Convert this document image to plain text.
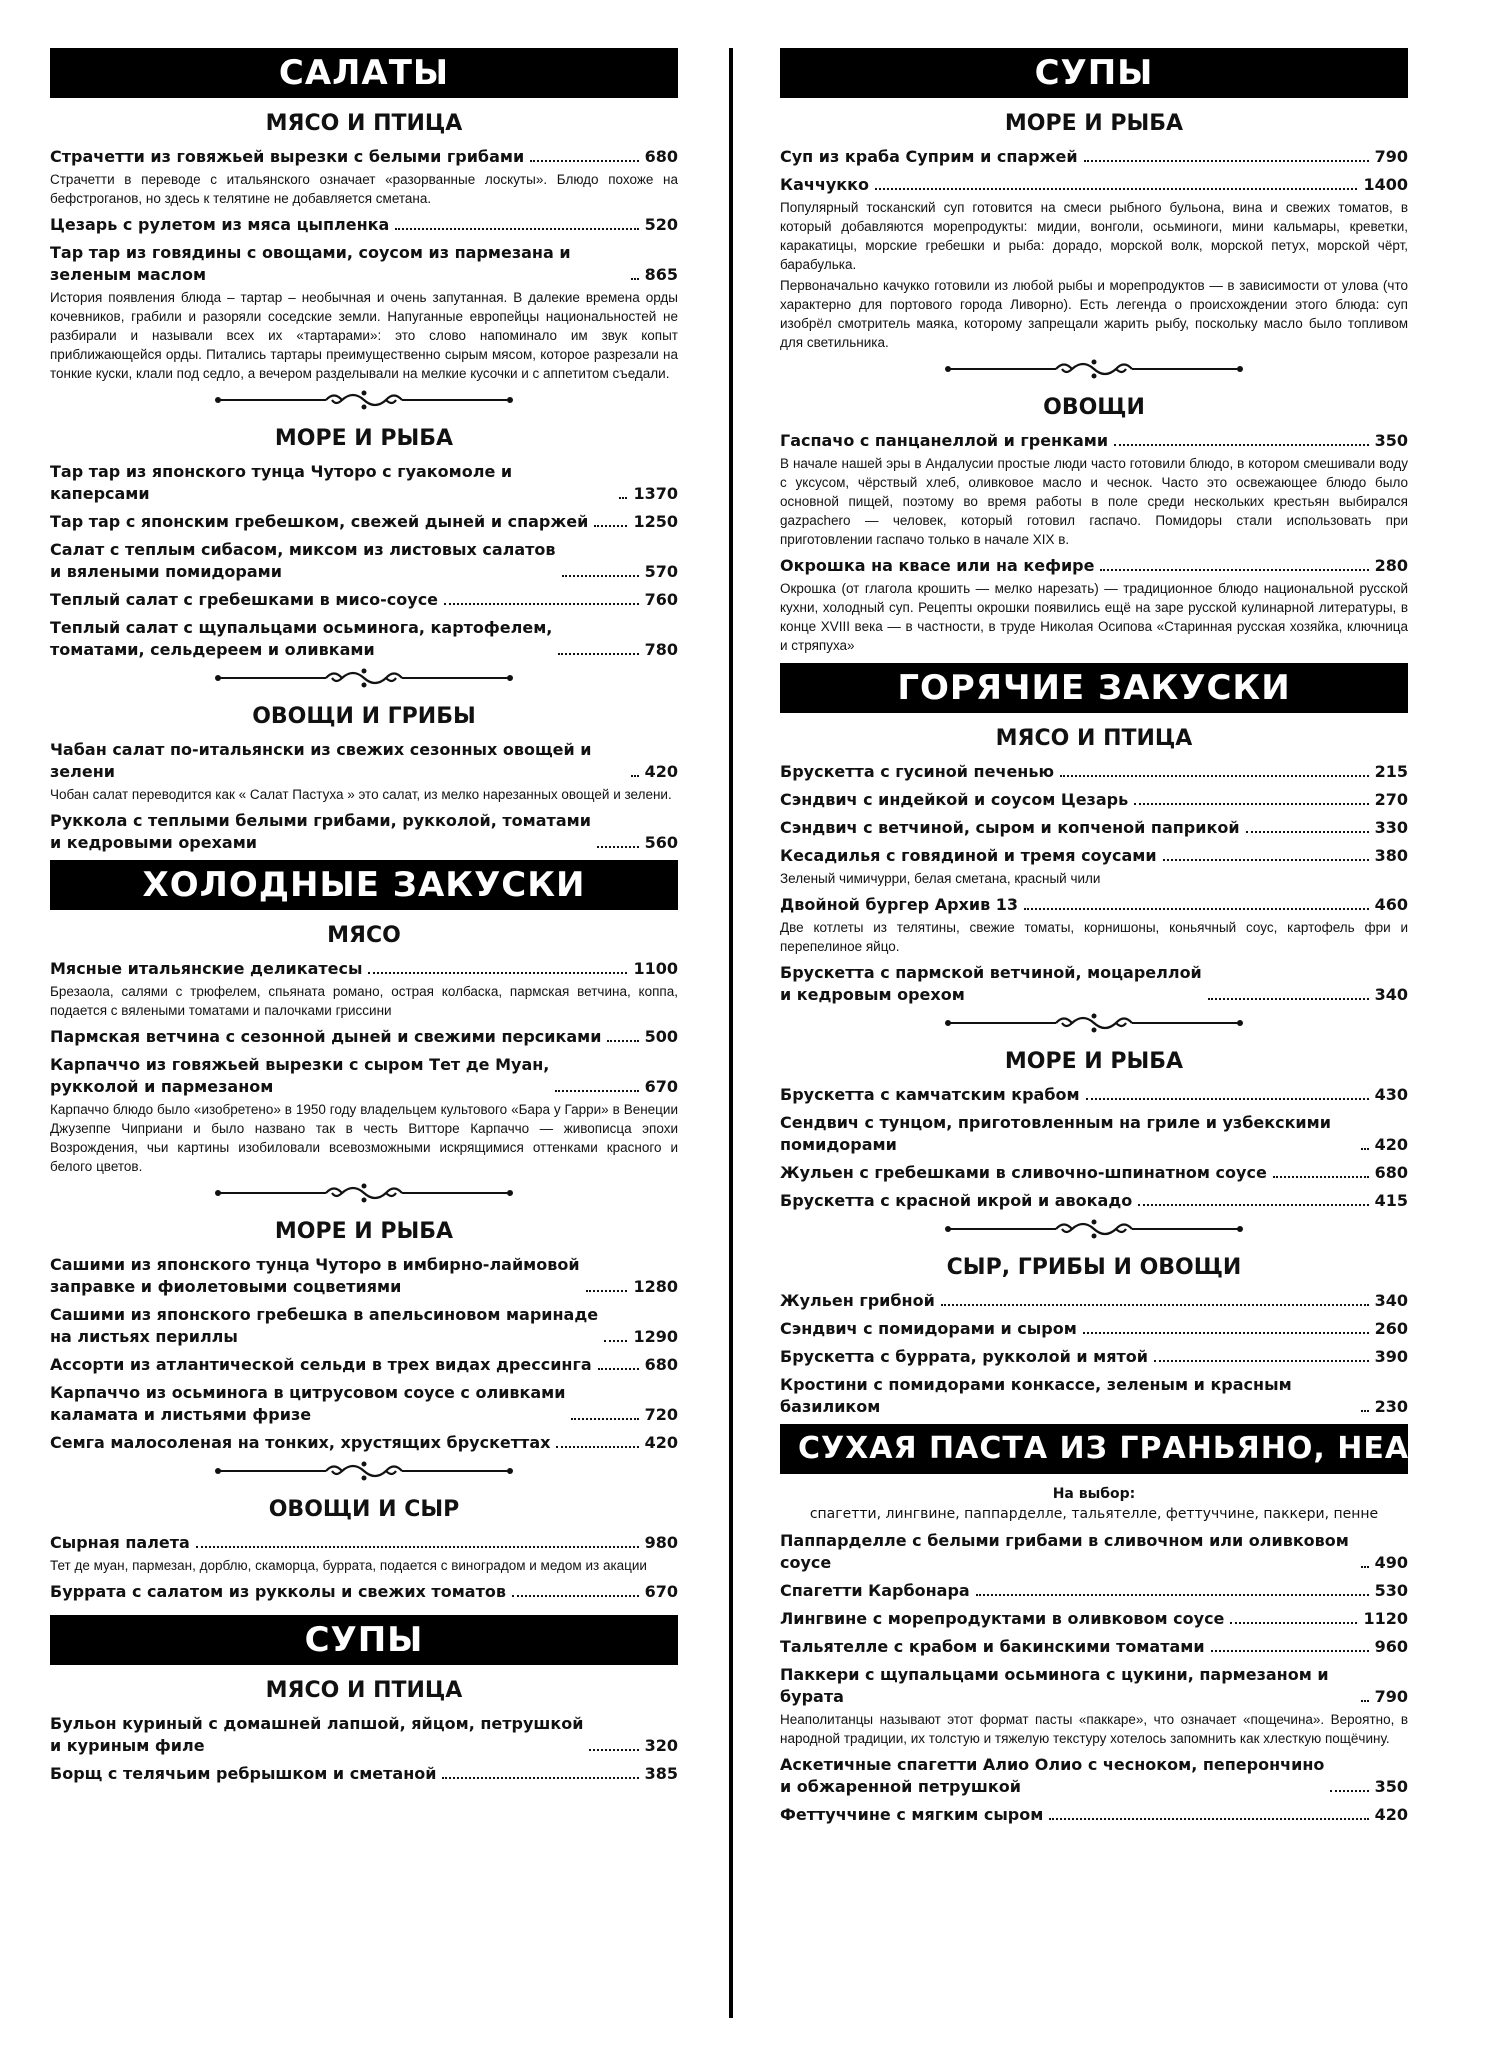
САЛАТЫ
МЯСО И ПТИЦА
Страчетти из говяжьей вырезки с белыми грибами	680
Страчетти в переводе с итальянского означает «разорванные лоскуты». Блюдо похоже на бефстроганов, но здесь к телятине не добавляется сметана.
Цезарь с рулетом из мяса цыпленка	520
Тар тар из говядины с овощами, соусом из пармезана и зеленым маслом	865
История появления блюда – тартар – необычная и очень запутанная. В далекие времена орды кочевников, грабили и разоряли соседские земли. Напуганные европейцы национальностей не разбирали и называли всех их «тартарами»: это слово напоминало им звук копыт приближающейся орды. Питались тартары преимущественно сырым мясом, которое разрезали на тонкие куски, клали под седло, а вечером разделывали на мелкие кусочки и с аппетитом съедали.
МОРЕ И РЫБА
Тар тар из японского тунца Чуторо с гуакомоле и каперсами	1370
Тар тар с японским гребешком, свежей дыней и спаржей	1250
Салат с теплым сибасом, миксом из листовых салатов
и вялеными помидорами	570
Теплый салат с гребешками в мисо-соусе	760
Теплый салат с щупальцами осьминога, картофелем,
томатами, сельдереем и оливками	780
ОВОЩИ И ГРИБЫ
Чабан салат по-итальянски из свежих сезонных овощей и зелени	420
Чобан салат переводится как « Салат Пастуха » это салат, из мелко нарезанных овощей и зелени.
Руккола с теплыми белыми грибами, рукколой, томатами
и кедровыми орехами	560
ХОЛОДНЫЕ ЗАКУСКИ
МЯСО
Мясные итальянские деликатесы	1100
Брезаола, салями с трюфелем, спьяната романо, острая колбаска, пармская ветчина, коппа, подается с вялеными томатами и палочками гриссини
Пармская ветчина с сезонной дыней и свежими персиками	500
Карпаччо из говяжьей вырезки с сыром Тет де Муан,
рукколой и пармезаном	670
Карпаччо блюдо было «изобретено» в 1950 году владельцем культового «Бара у Гарри» в Венеции Джузеппе Чиприани и было названо так в честь Витторе Карпаччо — живописца эпохи Возрождения, чьи картины изобиловали всевозможными искрящимися оттенками красного и белого цветов.
МОРЕ И РЫБА
Сашими из японского тунца Чуторо в имбирно-лаймовой
заправке и фиолетовыми соцветиями	1280
Сашими из японского гребешка в апельсиновом маринаде
на листьях периллы	1290
Ассорти из атлантической сельди в трех видах дрессинга	680
Карпаччо из осьминога в цитрусовом соусе с оливками
каламата и листьями фризе	720
Семга малосоленая на тонких, хрустящих брускеттах	420
ОВОЩИ И СЫР
Сырная палета	980
Тет де муан, пармезан, дорблю, скаморца, буррата, подается с виноградом и медом из акации
Буррата с салатом из рукколы и свежих томатов	670
СУПЫ
МЯСО И ПТИЦА
Бульон куриный с домашней лапшой, яйцом, петрушкой
и куриным филе	320
Борщ с телячьим ребрышком и сметаной	385
СУПЫ
МОРЕ И РЫБА
Суп из краба Суприм и спаржей	790
Каччукко	1400
Популярный тосканский суп готовится на смеси рыбного бульона, вина и свежих томатов, в который добавляются морепродукты: мидии, вонголи, осьминоги, мини кальмары, креветки, каракатицы, морские гребешки и рыба: дорадо, морской волк, морской петух, морской чёрт, барабулька.
Первоначально качукко готовили из любой рыбы и морепродуктов — в зависимости от улова (что характерно для портового города Ливорно). Есть легенда о происхождении этого блюда: суп изобрёл смотритель маяка, которому запрещали жарить рыбу, поскольку масло было топливом для светильника.
ОВОЩИ
Гаспачо с панцанеллой и гренками	350
В начале нашей эры в Андалусии простые люди часто готовили блюдо, в котором смешивали воду с уксусом, чёрствый хлеб, оливковое масло и чеснок. Часто это освежающее блюдо было основной пищей, поэтому во время работы в поле среди нескольких крестьян выбирался gazpachero — человек, который готовил гаспачо. Помидоры стали использовать при приготовлении гаспачо только в начале XIX в.
Окрошка на квасе или на кефире	280
Окрошка (от глагола крошить — мелко нарезать) — традиционное блюдо национальной русской кухни, холодный суп. Рецепты окрошки появились ещё на заре русской кулинарной литературы, в конце XVIII века — в частности, в труде Николая Осипова «Старинная русская хозяйка, ключница и стряпуха»
ГОРЯЧИЕ ЗАКУСКИ
МЯСО И ПТИЦА
Брускетта с гусиной печенью	215
Сэндвич с индейкой и соусом Цезарь	270
Сэндвич с ветчиной, сыром и копченой паприкой	330
Кесадилья с говядиной и тремя соусами	380
Зеленый чимичурри, белая сметана, красный чили
Двойной бургер Архив 13	460
Две котлеты из телятины, свежие томаты, корнишоны, коньячный соус, картофель фри и перепелиное яйцо.
Брускетта с пармской ветчиной, моцареллой
и кедровым орехом	340
МОРЕ И РЫБА
Брускетта с камчатским крабом	430
Сендвич с тунцом, приготовленным на гриле и узбекскими помидорами	420
Жульен с гребешками в сливочно-шпинатном соусе	680
Брускетта с красной икрой и авокадо	415
СЫР, ГРИБЫ И ОВОЩИ
Жульен грибной	340
Сэндвич с помидорами и сыром	260
Брускетта с буррата, рукколой и мятой	390
Кростини с помидорами конкассе, зеленым и красным базиликом	230
СУХАЯ ПАСТА ИЗ ГРАНЬЯНО, НЕАПОЛЬ
На выбор:
спагетти, лингвине, паппарделле, тальятелле, феттуччине, паккери, пенне
Паппарделле с белыми грибами в сливочном или оливковом соусе	490
Спагетти Карбонара	530
Лингвине с морепродуктами в оливковом соусе	1120
Тальятелле с крабом и бакинскими томатами	960
Паккери с щупальцами осьминога с цукини, пармезаном и бурата	790
Неаполитанцы называют этот формат пасты «паккаре», что означает «пощечина». Вероятно, в народной традиции, их толстую и тяжелую текстуру хотелось запомнить как хлесткую пощёчину.
Аскетичные спагетти Алио Олио с чесноком, пеперончино
и обжаренной петрушкой	350
Феттуччине с мягким сыром	420
